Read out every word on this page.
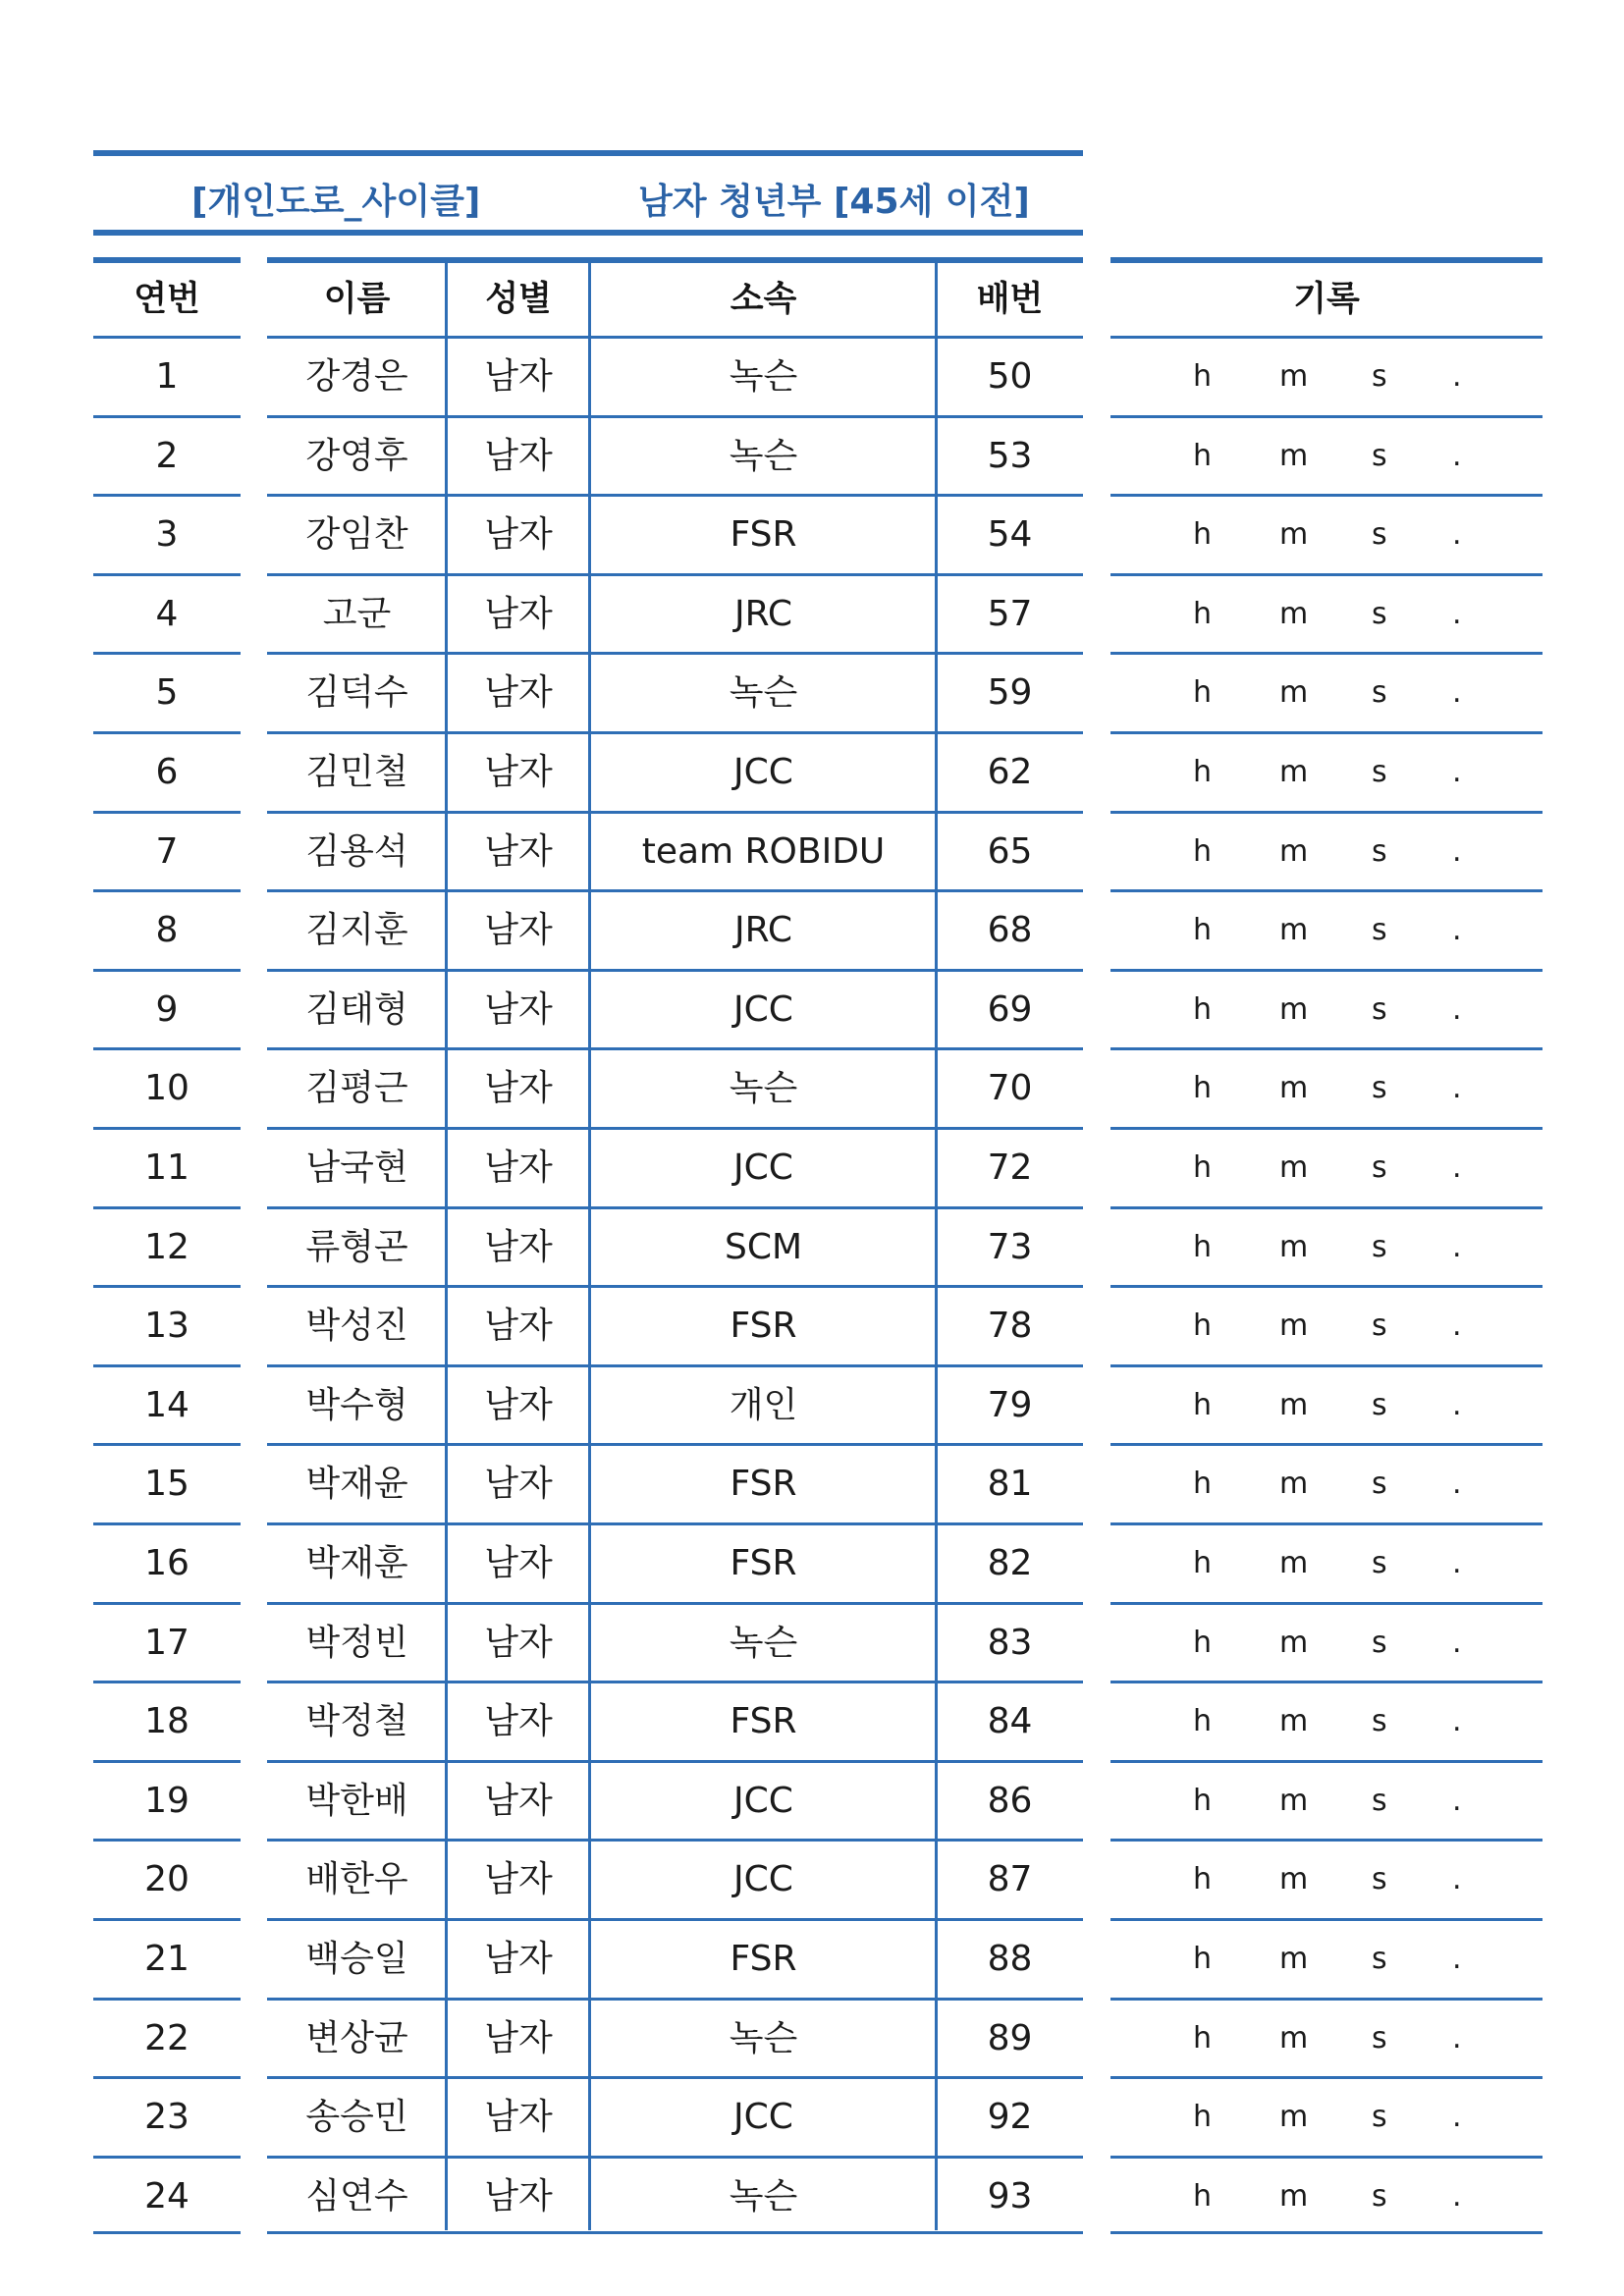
[개인도로_사이클]	남자 청년부 [45세 이전]
연번
1
2
3
4
5
6
7
8
9
10
11
12
13
14
15
16
17
18
19
20
21
22
23
24
이름
강경은
강영후
강임찬
고군
김덕수
김민철
김용석
김지훈
김태형
김평근
남국현
류형곤
박성진
박수형
박재윤
박재훈
박정빈
박정철
박한배
배한우
백승일
변상균
송승민
심연수
성별
남자
남자
남자
남자
남자
남자
남자
남자
남자
남자
남자
남자
남자
남자
남자
남자
남자
남자
남자
남자
남자
남자
남자
남자
소속
녹슨
녹슨
FSR
JRC
녹슨
JCC
team ROBIDU
JRC
JCC
녹슨
JCC
SCM
FSR
개인
FSR
FSR
녹슨
FSR
JCC
JCC
FSR
녹슨
JCC
녹슨
배번
50
53
54
57
59
62
65
68
69
70
72
73
78
79
81
82
83
84
86
87
88
89
92
93
기록
h m s .
h m s .
h m s .
h m s .
h m s .
h m s .
h m s .
h m s .
h m s .
h m s .
h m s .
h m s .
h m s .
h m s .
h m s .
h m s .
h m s .
h m s .
h m s .
h m s .
h m s .
h m s .
h m s .
h m s .
